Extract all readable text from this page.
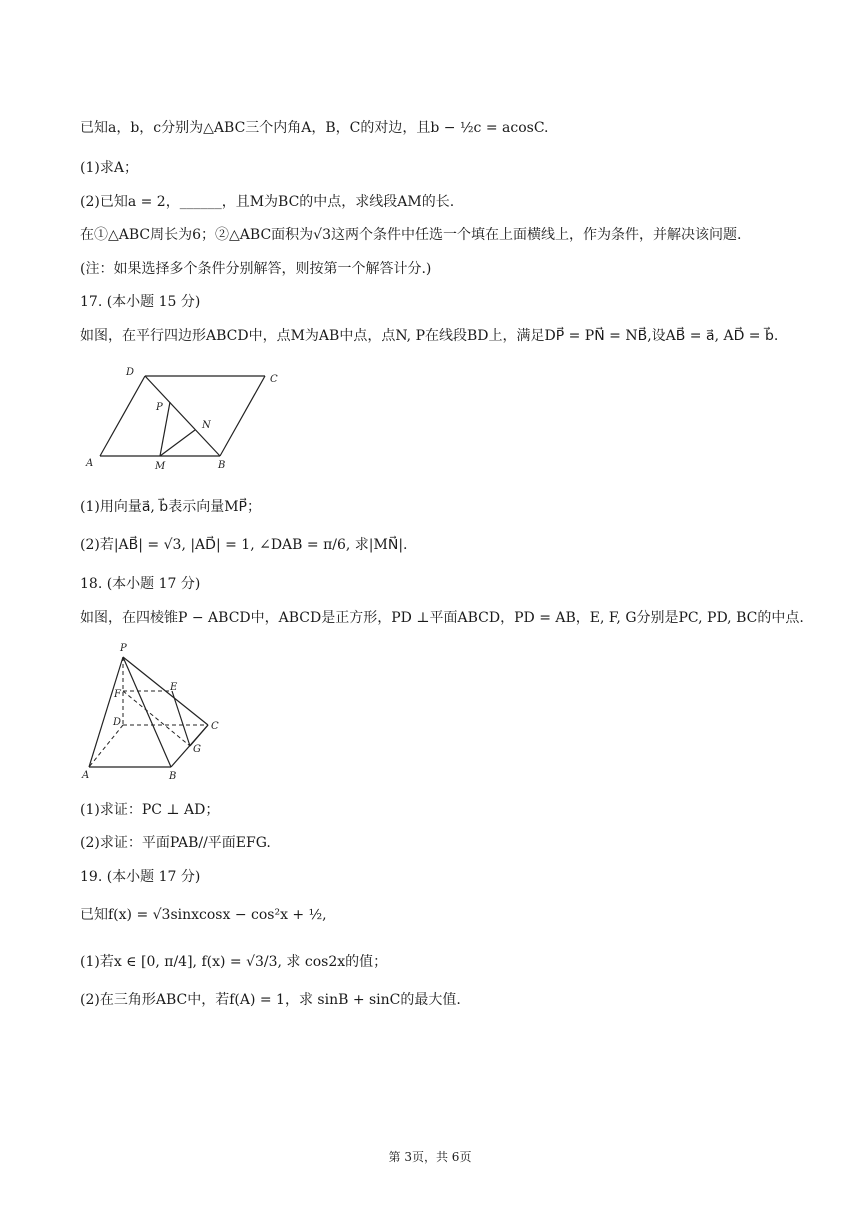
已知a，b，c分别为△ABC三个内角A，B，C的对边，且b − ½c = acosC.
(1)求A；
(2)已知a = 2，______，且M为BC的中点，求线段AM的长.
在①△ABC周长为6；②△ABC面积为√3这两个条件中任选一个填在上面横线上，作为条件，并解决该问题.
(注：如果选择多个条件分别解答，则按第一个解答计分.)
17. (本小题 15 分)
如图，在平行四边形ABCD中，点M为AB中点，点N, P在线段BD上，满足DP⃗ = PN⃗ = NB⃗,设AB⃗ = a⃗, AD⃗ = b⃗.
A	B
C
D
M
N
P
(1)用向量a⃗, b⃗表示向量MP⃗；
(2)若|AB⃗| = √3, |AD⃗| = 1, ∠DAB = π/6, 求|MN⃗|.
18. (本小题 17 分)
如图，在四棱锥P − ABCD中，ABCD是正方形，PD ⊥平面ABCD，PD = AB，E, F, G分别是PC, PD, BC的中点.
P
A	B
C
D
E
F
G
(1)求证：PC ⊥ AD；
(2)求证：平面PAB//平面EFG.
19. (本小题 17 分)
已知f(x) = √3sinxcosx − cos²x + ½,
(1)若x ∈ [0, π/4], f(x) = √3/3, 求 cos2x的值；
(2)在三角形ABC中，若f(A) = 1，求 sinB + sinC的最大值.
第 3页，共 6页
